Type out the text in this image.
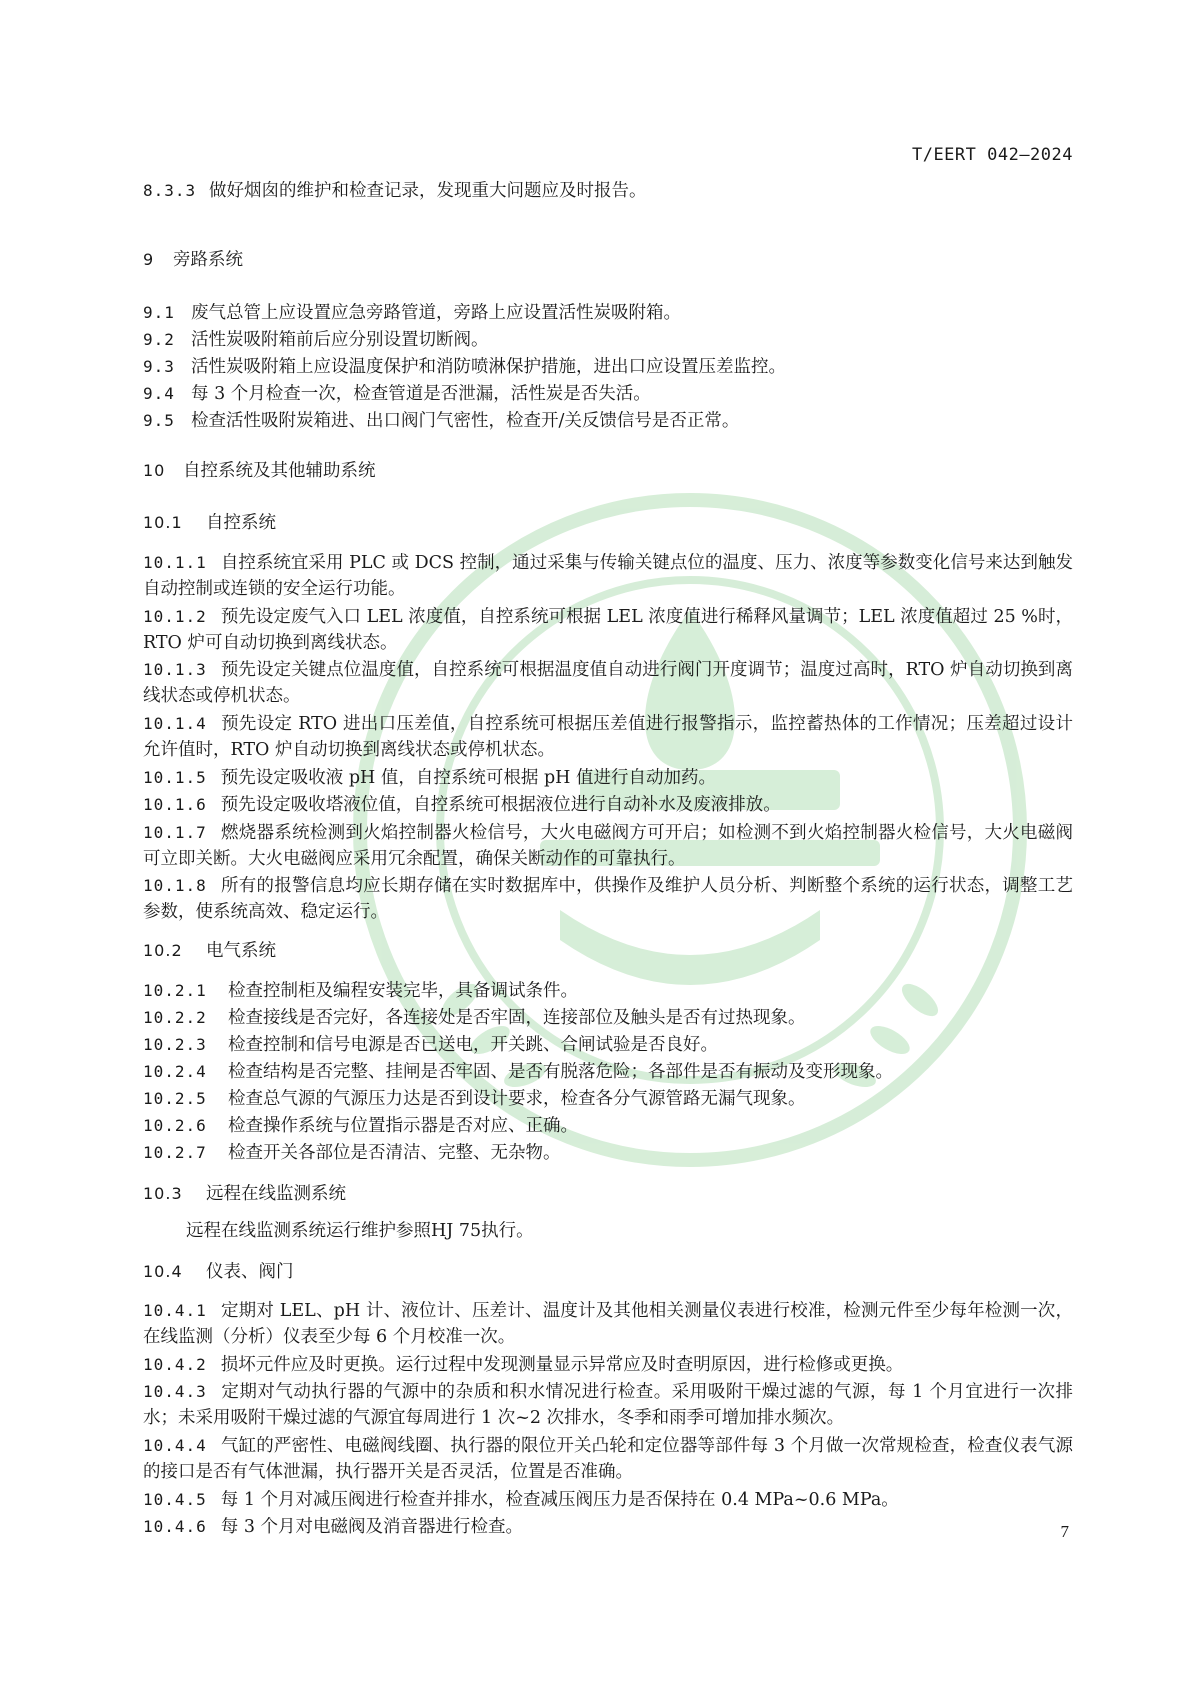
T/EERT 042—2024

8.3.3 做好烟囱的维护和检查记录，发现重大问题应及时报告。
9	旁路系统
9.1 废气总管上应设置应急旁路管道，旁路上应设置活性炭吸附箱。
9.2 活性炭吸附箱前后应分别设置切断阀。
9.3 活性炭吸附箱上应设温度保护和消防喷淋保护措施，进出口应设置压差监控。
9.4 每 3 个月检查一次，检查管道是否泄漏，活性炭是否失活。
9.5 检查活性吸附炭箱进、出口阀门气密性，检查开/关反馈信号是否正常。
10	自控系统及其他辅助系统
10.1	自控系统

10.1.1 自控系统宜采用 PLC 或 DCS 控制，通过采集与传输关键点位的温度、压力、浓度等参数变化信号来达到触发自动控制或连锁的安全运行功能。

10.1.2 预先设定废气入口 LEL 浓度值，自控系统可根据 LEL 浓度值进行稀释风量调节；LEL 浓度值超过 25 %时，RTO 炉可自动切换到离线状态。

10.1.3 预先设定关键点位温度值，自控系统可根据温度值自动进行阀门开度调节；温度过高时，RTO 炉自动切换到离线状态或停机状态。

10.1.4 预先设定 RTO 进出口压差值，自控系统可根据压差值进行报警指示，监控蓄热体的工作情况；压差超过设计允许值时，RTO 炉自动切换到离线状态或停机状态。

10.1.5 预先设定吸收液 pH 值，自控系统可根据 pH 值进行自动加药。

10.1.6 预先设定吸收塔液位值，自控系统可根据液位进行自动补水及废液排放。

10.1.7 燃烧器系统检测到火焰控制器火检信号，大火电磁阀方可开启；如检测不到火焰控制器火检信号，大火电磁阀可立即关断。大火电磁阀应采用冗余配置，确保关断动作的可靠执行。

10.1.8 所有的报警信息均应长期存储在实时数据库中，供操作及维护人员分析、判断整个系统的运行状态，调整工艺参数，使系统高效、稳定运行。

10.2	电气系统
10.2.1	检查控制柜及编程安装完毕，具备调试条件。
10.2.2	检查接线是否完好，各连接处是否牢固，连接部位及触头是否有过热现象。
10.2.3	检查控制和信号电源是否已送电，开关跳、合闸试验是否良好。
10.2.4	检查结构是否完整、挂闸是否牢固、是否有脱落危险；各部件是否有振动及变形现象。
10.2.5	检查总气源的气源压力达是否到设计要求，检查各分气源管路无漏气现象。
10.2.6	检查操作系统与位置指示器是否对应、正确。
10.2.7	检查开关各部位是否清洁、完整、无杂物。
10.3	远程在线监测系统

远程在线监测系统运行维护参照HJ 75执行。

10.4	仪表、阀门

10.4.1 定期对 LEL、pH 计、液位计、压差计、温度计及其他相关测量仪表进行校准，检测元件至少每年检测一次，在线监测（分析）仪表至少每 6 个月校准一次。

10.4.2 损坏元件应及时更换。运行过程中发现测量显示异常应及时查明原因，进行检修或更换。

10.4.3 定期对气动执行器的气源中的杂质和积水情况进行检查。采用吸附干燥过滤的气源，每 1 个月宜进行一次排水；未采用吸附干燥过滤的气源宜每周进行 1 次~2 次排水，冬季和雨季可增加排水频次。

10.4.4 气缸的严密性、电磁阀线圈、执行器的限位开关凸轮和定位器等部件每 3 个月做一次常规检查，检查仪表气源的接口是否有气体泄漏，执行器开关是否灵活，位置是否准确。

10.4.5 每 1 个月对减压阀进行检查并排水，检查减压阀压力是否保持在 0.4 MPa~0.6 MPa。

10.4.6 每 3 个月对电磁阀及消音器进行检查。	7
